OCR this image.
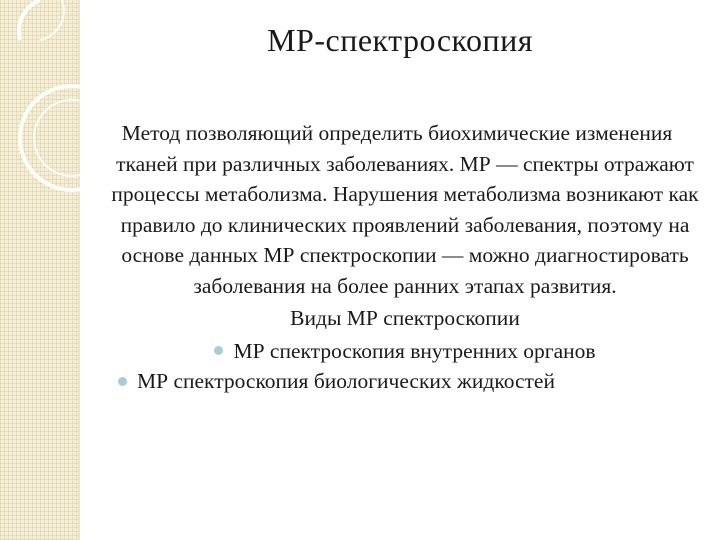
МР-спектроскопия

Метод позволяющий определить биохимические изменения тканей при различных заболеваниях. МР — спектры отражают процессы метаболизма. Нарушения метаболизма возникают как правило до клинических проявлений заболевания, поэтому на основе данных МР спектроскопии — можно диагностировать заболевания на более ранних этапах развития.

Виды МР спектроскопии

МР спектроскопия внутренних органов
МР спектроскопия биологических жидкостей
